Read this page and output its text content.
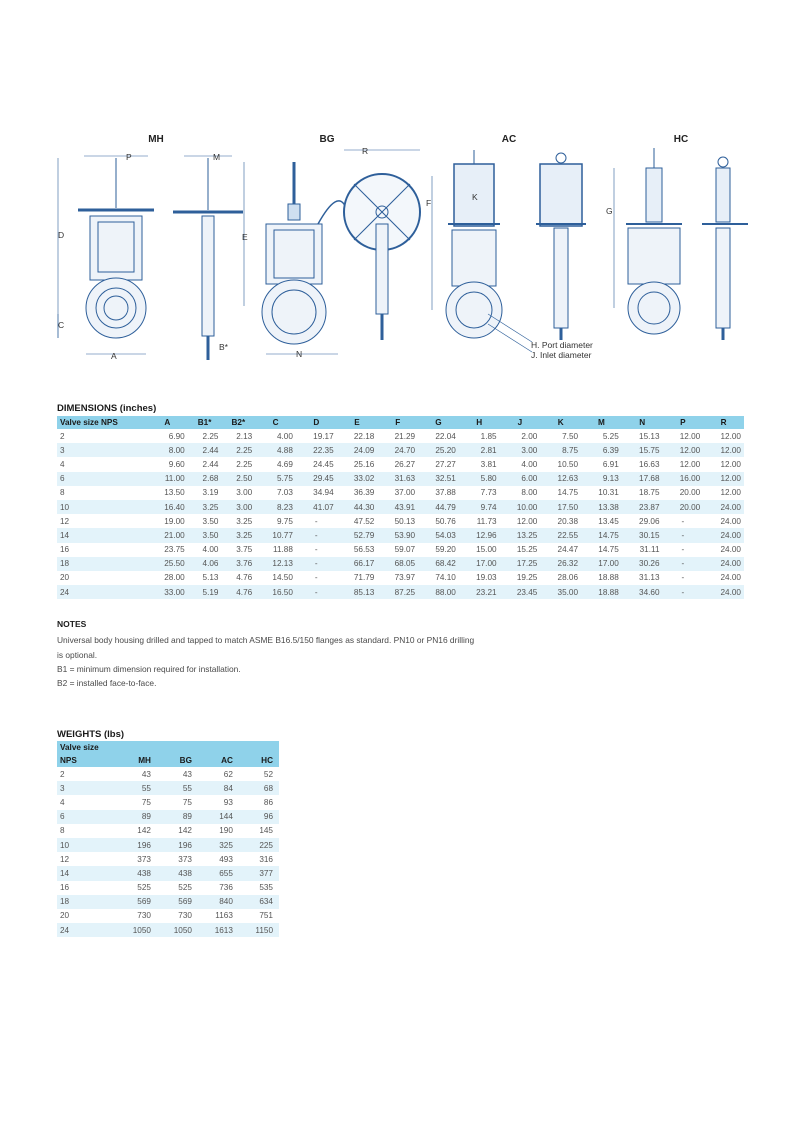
MH	BG	AC	HC
P	M
R
D	E
F
K
G
C
A
B*
N
H. Port diameter
J. Inlet diameter
DIMENSIONS (inches)
Valve size NPS	A	B1*	B2*	C	D	E	F	G	H	J	K	M	N	P	R
2	6.90	2.25	2.13	4.00	19.17	22.18	21.29	22.04	1.85	2.00	7.50	5.25	15.13	12.00	12.00
3	8.00	2.44	2.25	4.88	22.35	24.09	24.70	25.20	2.81	3.00	8.75	6.39	15.75	12.00	12.00
4	9.60	2.44	2.25	4.69	24.45	25.16	26.27	27.27	3.81	4.00	10.50	6.91	16.63	12.00	12.00
6	11.00	2.68	2.50	5.75	29.45	33.02	31.63	32.51	5.80	6.00	12.63	9.13	17.68	16.00	12.00
8	13.50	3.19	3.00	7.03	34.94	36.39	37.00	37.88	7.73	8.00	14.75	10.31	18.75	20.00	12.00
10	16.40	3.25	3.00	8.23	41.07	44.30	43.91	44.79	9.74	10.00	17.50	13.38	23.87	20.00	24.00
12	19.00	3.50	3.25	9.75	-	47.52	50.13	50.76	11.73	12.00	20.38	13.45	29.06	-	24.00
14	21.00	3.50	3.25	10.77	-	52.79	53.90	54.03	12.96	13.25	22.55	14.75	30.15	-	24.00
16	23.75	4.00	3.75	11.88	-	56.53	59.07	59.20	15.00	15.25	24.47	14.75	31.11	-	24.00
18	25.50	4.06	3.76	12.13	-	66.17	68.05	68.42	17.00	17.25	26.32	17.00	30.26	-	24.00
20	28.00	5.13	4.76	14.50	-	71.79	73.97	74.10	19.03	19.25	28.06	18.88	31.13	-	24.00
24	33.00	5.19	4.76	16.50	-	85.13	87.25	88.00	23.21	23.45	35.00	18.88	34.60	-	24.00
NOTES
Universal body housing drilled and tapped to match ASME B16.5/150 flanges as standard. PN10 or PN16 drilling
is optional.
B1 = minimum dimension required for installation.
B2 = installed face-to-face.
WEIGHTS (lbs)
Valve size				
NPS	MH	BG	AC	HC
2	43	43	62	52
3	55	55	84	68
4	75	75	93	86
6	89	89	144	96
8	142	142	190	145
10	196	196	325	225
12	373	373	493	316
14	438	438	655	377
16	525	525	736	535
18	569	569	840	634
20	730	730	1163	751
24	1050	1050	1613	1150
